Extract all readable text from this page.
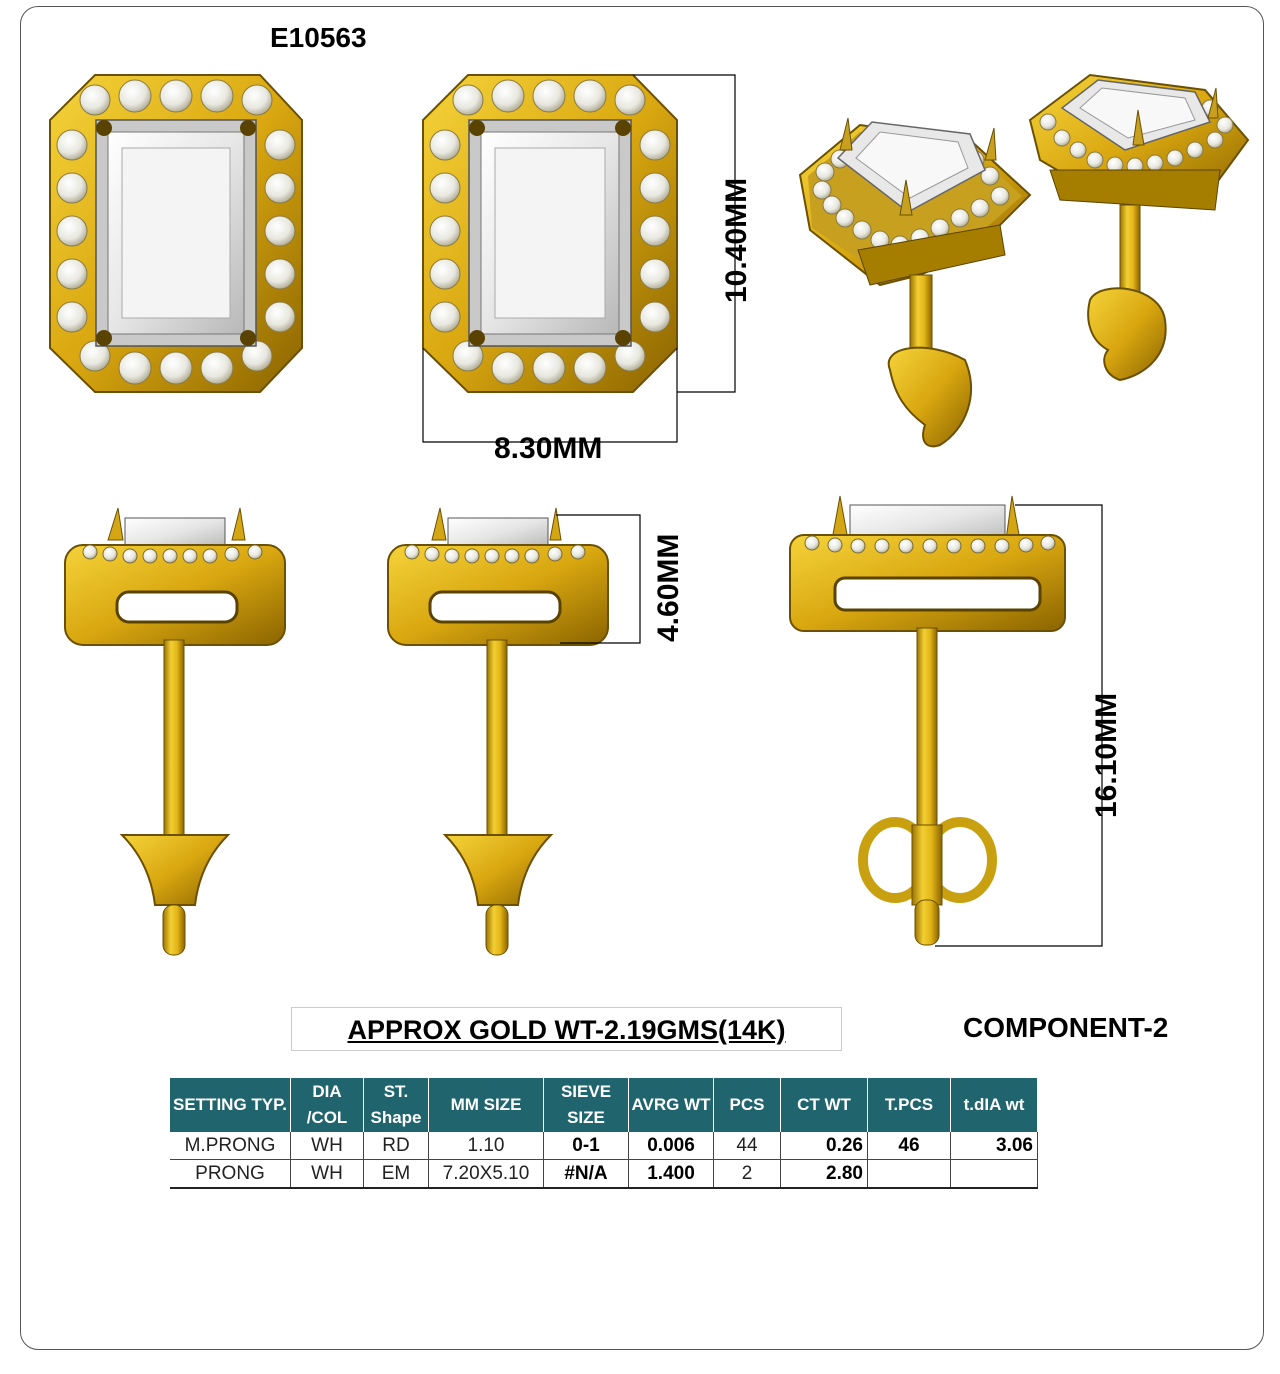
E10563
8.30MM
10.40MM
4.60MM
16.10MM
APPROX GOLD WT-2.19GMS(14K)	COMPONENT-2
SETTING TYP.	DIA /COL	ST. Shape	MM SIZE	SIEVE SIZE	AVRG WT	PCS	CT WT	T.PCS	t.dIA wt
M.PRONG	WH	RD	1.10	0-1	0.006	44	0.26	46	3.06
PRONG	WH	EM	7.20X5.10	#N/A	1.400	2	2.80		
